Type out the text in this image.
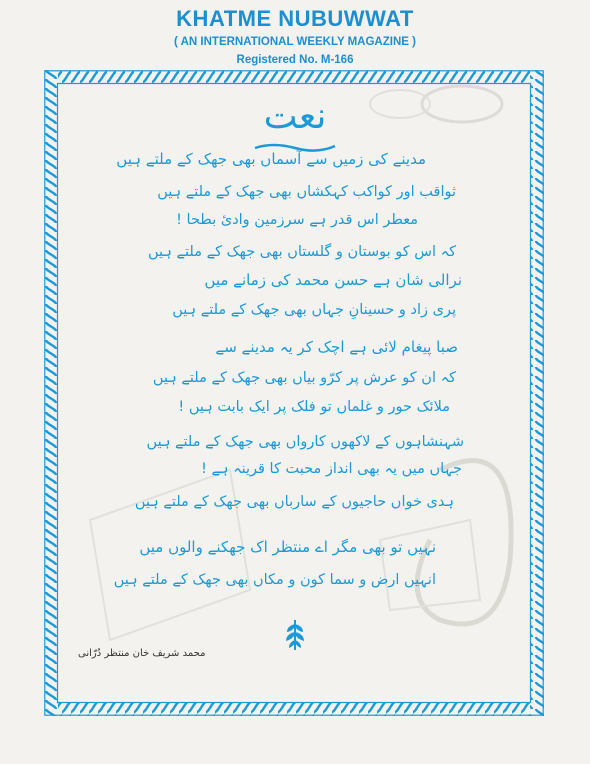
KHATME NUBUWWAT
( AN INTERNATIONAL WEEKLY MAGAZINE )
Registered No. M-166
نعت
مدینے کی زمیں سے آسماں بھی جھک کے ملتے ہیں
ثواقب اور کواکب کہکشاں بھی جھک کے ملتے ہیں
معطر اس قدر ہے سرزمین وادئ بطحا !
کہ اس کو بوستان و گلستاں بھی جھک کے ملتے ہیں
نرالی شان ہے حسن محمد کی زمانے میں
پری زاد و حسینانِ جہاں بھی جھک کے ملتے ہیں
صبا پیغام لائی ہے اچک کر یہ مدینے سے
کہ ان کو عرش پر کرّو بیاں بھی جھک کے ملتے ہیں
ملائک حور و غلماں تو فلک پر ایک بابت ہیں !
شہنشاہوں کے لاکھوں کارواں بھی جھک کے ملتے ہیں
جہاں میں یہ بھی انداز محبت کا قرینہ ہے !
ہدی خواں حاجیوں کے سارباں بھی جھک کے ملتے ہیں
نہیں تو بھی مگر اے منتظر اک جھکنے والوں میں
انہیں ارض و سما کون و مکاں بھی جھک کے ملتے ہیں
محمد شریف خان منتظر دُرّانی
